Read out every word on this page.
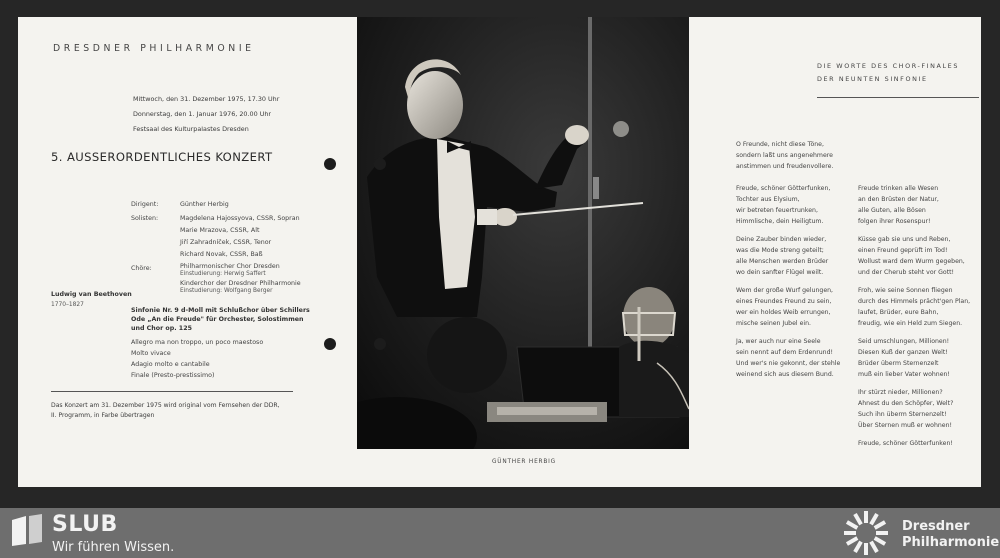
DRESDNER PHILHARMONIE
Mittwoch, den 31. Dezember 1975, 17.30 Uhr
Donnerstag, den 1. Januar 1976, 20.00 Uhr
Festsaal des Kulturpalastes Dresden
5. AUSSERORDENTLICHES KONZERT
Dirigent:	Günther Herbig
Solisten:	Magdelena Hajossyova, CSSR, Sopran
Marie Mrazova, CSSR, Alt
Jiří Zahradníček, CSSR, Tenor
Richard Novak, CSSR, Baß
Chöre:	Philharmonischer Chor Dresden
Einstudierung: Herwig Saffert
Kinderchor der Dresdner Philharmonie
Einstudierung: Wolfgang Berger
Ludwig van Beethoven
1770–1827
Sinfonie Nr. 9 d-Moll mit Schlußchor über Schillers
Ode „An die Freude" für Orchester, Solostimmen
und Chor op. 125
Allegro ma non troppo, un poco maestoso
Molto vivace
Adagio molto e cantabile
Finale (Presto-prestissimo)
Das Konzert am 31. Dezember 1975 wird original vom Fernsehen der DDR,
II. Programm, in Farbe übertragen
GÜNTHER HERBIG
DIE WORTE DES CHOR-FINALES
DER NEUNTEN SINFONIE
O Freunde, nicht diese Töne,
sondern laßt uns angenehmere
anstimmen und freudenvollere.
Freude, schöner Götterfunken,
Tochter aus Elysium,
wir betreten feuertrunken,
Himmlische, dein Heiligtum.
Deine Zauber binden wieder,
was die Mode streng geteilt;
alle Menschen werden Brüder
wo dein sanfter Flügel weilt.
Wem der große Wurf gelungen,
eines Freundes Freund zu sein,
wer ein holdes Weib errungen,
mische seinen Jubel ein.
Ja, wer auch nur eine Seele
sein nennt auf dem Erdenrund!
Und wer's nie gekonnt, der stehle
weinend sich aus diesem Bund.
Freude trinken alle Wesen
an den Brüsten der Natur,
alle Guten, alle Bösen
folgen ihrer Rosenspur!
Küsse gab sie uns und Reben,
einen Freund geprüft im Tod!
Wollust ward dem Wurm gegeben,
und der Cherub steht vor Gott!
Froh, wie seine Sonnen fliegen
durch des Himmels prächt'gen Plan,
laufet, Brüder, eure Bahn,
freudig, wie ein Held zum Siegen.
Seid umschlungen, Millionen!
Diesen Kuß der ganzen Welt!
Brüder überm Sternenzelt
muß ein lieber Vater wohnen!
Ihr stürzt nieder, Millionen?
Ahnest du den Schöpfer, Welt?
Such ihn überm Sternenzelt!
Über Sternen muß er wohnen!
Freude, schöner Götterfunken!
SLUB
Wir führen Wissen.
Dresdner
Philharmonie
